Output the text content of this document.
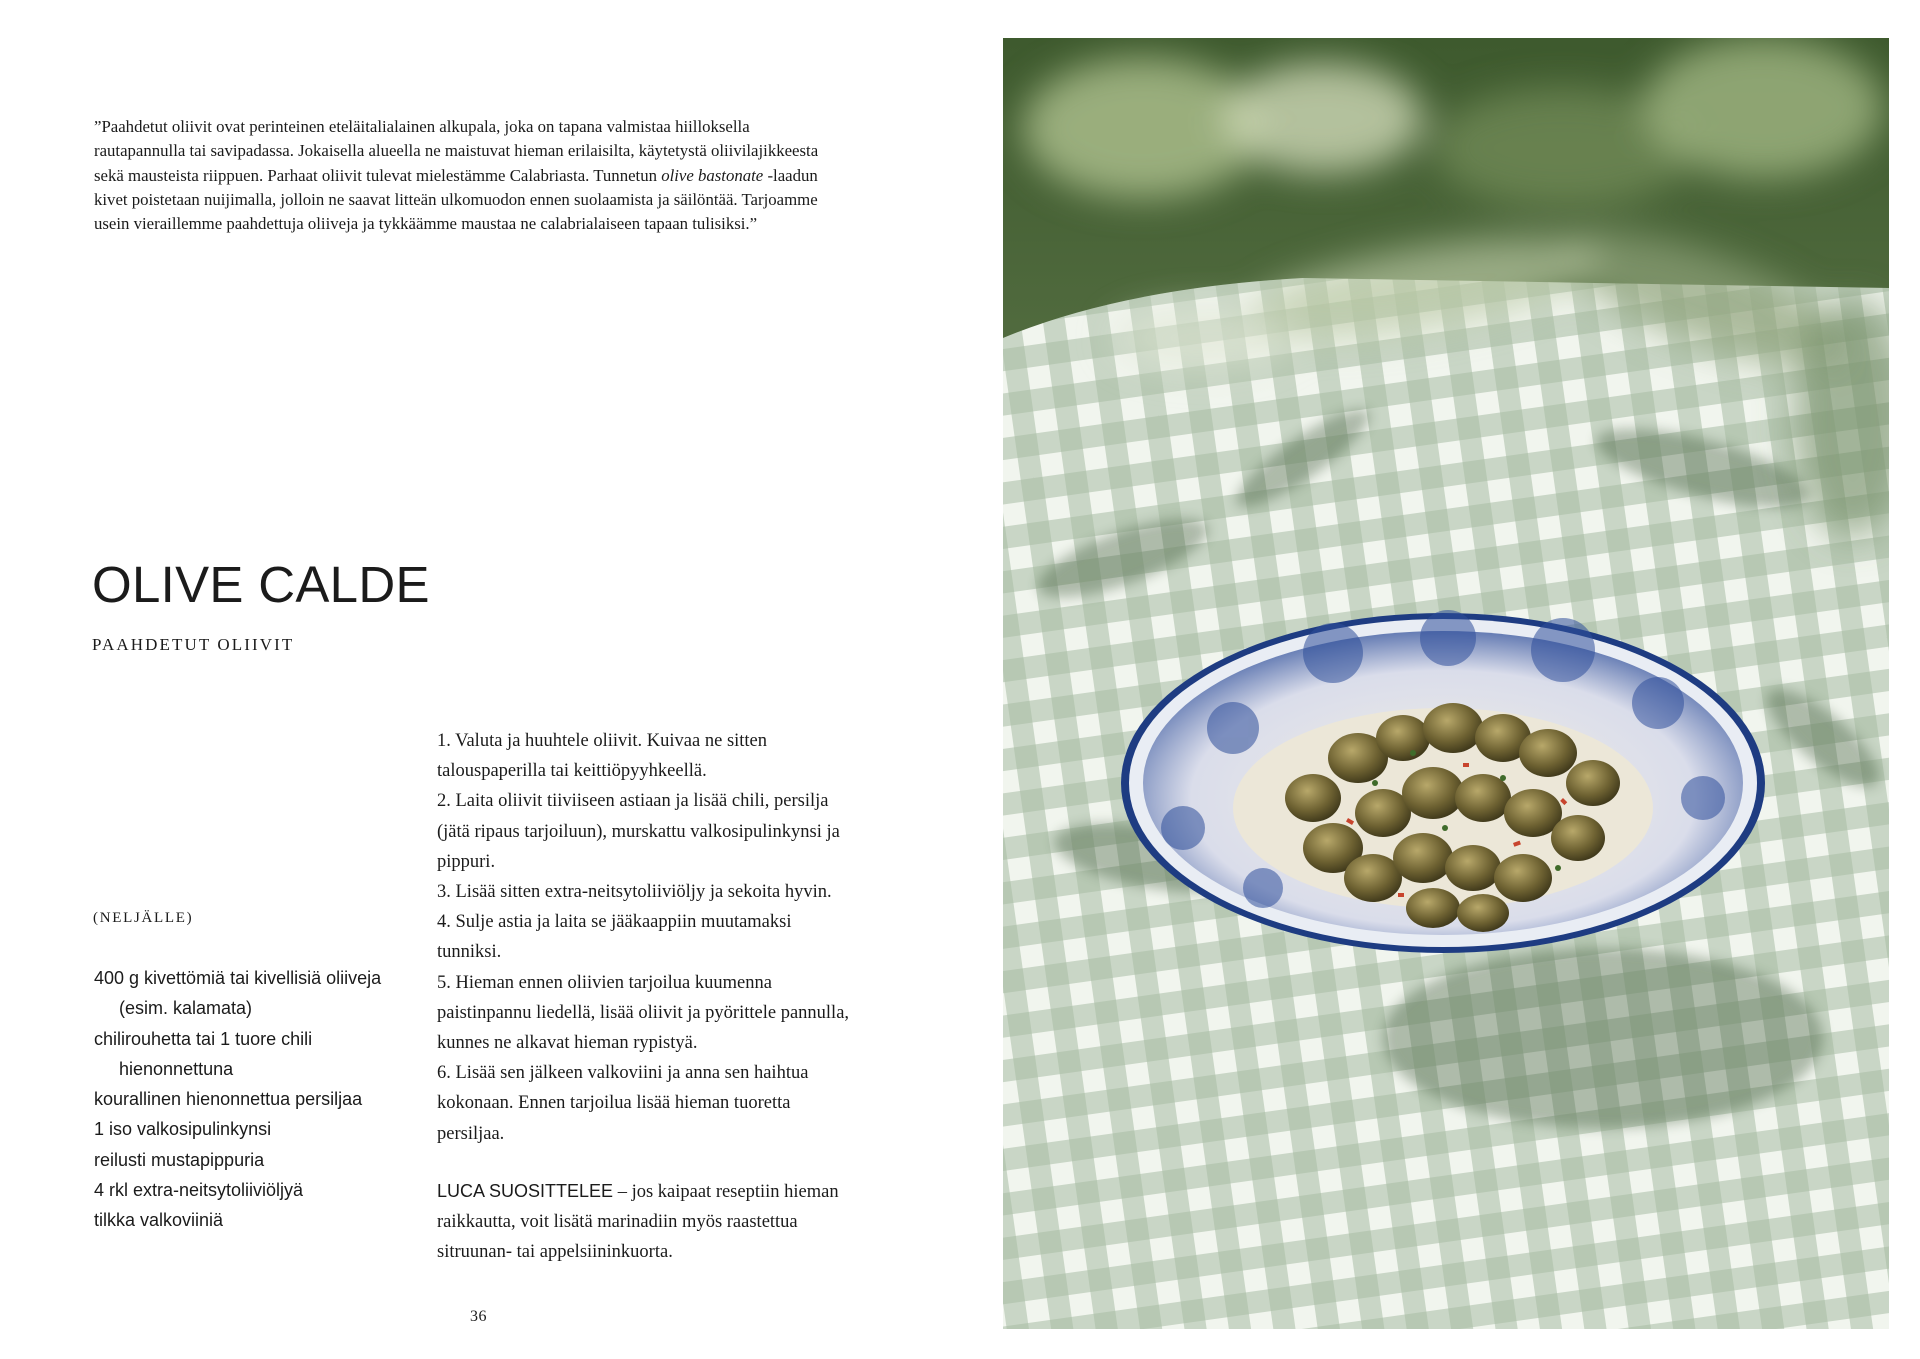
”Paahdetut oliivit ovat perinteinen eteläitalialainen alkupala, joka on tapana valmistaa hiilloksella rautapannulla tai savipadassa. Jokaisella alueella ne maistuvat hieman erilaisilta, käytetystä oliivilajikkeesta sekä mausteista riippuen. Parhaat oliivit tulevat mielestämme Calabriasta. Tunnetun olive bastonate -laadun kivet poistetaan nuijimalla, jolloin ne saavat litteän ulkomuodon ennen suolaamista ja säilöntää. Tarjoamme usein vieraillemme paahdettuja oliiveja ja tykkäämme maustaa ne calabrialaiseen tapaan tulisiksi.”

OLIVE CALDE

PAAHDETUT OLIIVIT

(NELJÄLLE)

400 g kivettömiä tai kivellisiä oliiveja (esim. kalamata)
chilirouhetta tai 1 tuore chili hienonnettuna
kourallinen hienonnettua persiljaa
1 iso valkosipulinkynsi
reilusti mustapippuria
4 rkl extra-neitsytoliiviöljyä
tilkka valkoviiniä
1. Valuta ja huuhtele oliivit. Kuivaa ne sitten talouspaperilla tai keittiöpyyhkeellä.
2. Laita oliivit tiiviiseen astiaan ja lisää chili, persilja (jätä ripaus tarjoiluun), murskattu valkosipulinkynsi ja pippuri.
3. Lisää sitten extra-neitsytoliiviöljy ja sekoita hyvin.
4. Sulje astia ja laita se jääkaappiin muutamaksi tunniksi.
5. Hieman ennen oliivien tarjoilua kuumenna paistinpannu liedellä, lisää oliivit ja pyörittele pannulla, kunnes ne alkavat hieman rypistyä.
6. Lisää sen jälkeen valkoviini ja anna sen haihtua kokonaan. Ennen tarjoilua lisää hieman tuoretta persiljaa.

LUCA SUOSITTELEE – jos kaipaat reseptiin hieman raikkautta, voit lisätä marinadiin myös raastettua sitruunan- tai appelsiininkuorta.

36
